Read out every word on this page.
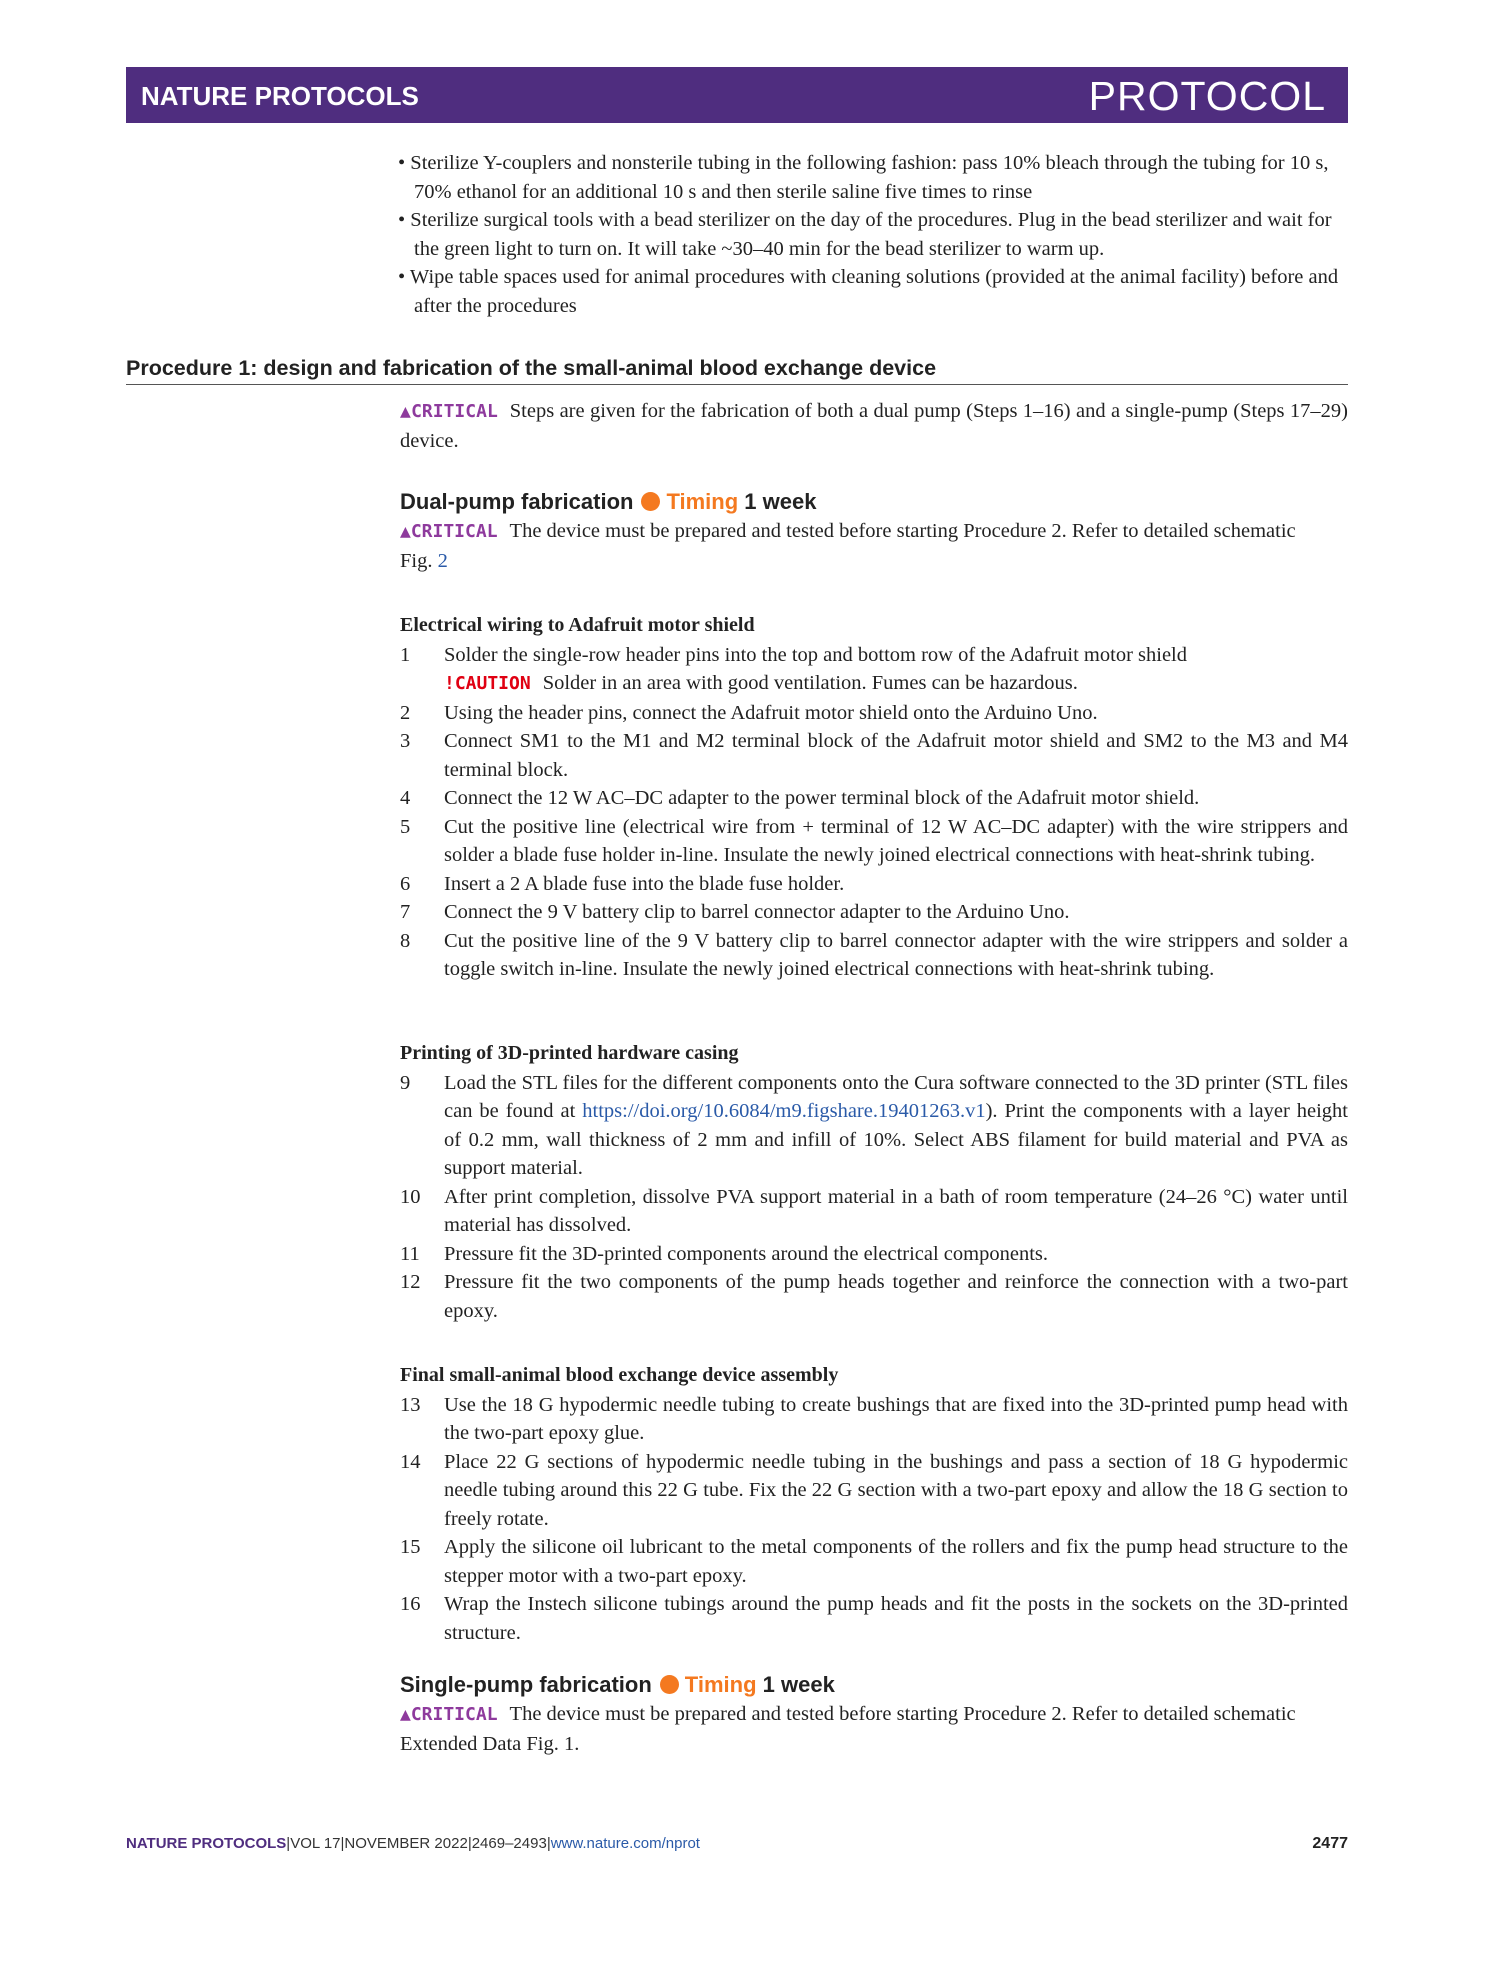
NATURE PROTOCOLS	PROTOCOL
• Sterilize Y-couplers and nonsterile tubing in the following fashion: pass 10% bleach through the tubing for 10 s, 70% ethanol for an additional 10 s and then sterile saline five times to rinse
• Sterilize surgical tools with a bead sterilizer on the day of the procedures. Plug in the bead sterilizer and wait for the green light to turn on. It will take ~30–40 min for the bead sterilizer to warm up.
• Wipe table spaces used for animal procedures with cleaning solutions (provided at the animal facility) before and after the procedures
Procedure 1: design and fabrication of the small-animal blood exchange device
▲CRITICAL Steps are given for the fabrication of both a dual pump (Steps 1–16) and a single-pump (Steps 17–29) device.
Dual-pump fabrication Timing 1 week
▲CRITICAL The device must be prepared and tested before starting Procedure 2. Refer to detailed schematic Fig. 2
Electrical wiring to Adafruit motor shield
1 Solder the single-row header pins into the top and bottom row of the Adafruit motor shield
!CAUTION Solder in an area with good ventilation. Fumes can be hazardous.
2 Using the header pins, connect the Adafruit motor shield onto the Arduino Uno.
3 Connect SM1 to the M1 and M2 terminal block of the Adafruit motor shield and SM2 to the M3 and M4 terminal block.
4 Connect the 12 W AC–DC adapter to the power terminal block of the Adafruit motor shield.
5 Cut the positive line (electrical wire from + terminal of 12 W AC–DC adapter) with the wire strippers and solder a blade fuse holder in-line. Insulate the newly joined electrical connections with heat-shrink tubing.
6 Insert a 2 A blade fuse into the blade fuse holder.
7 Connect the 9 V battery clip to barrel connector adapter to the Arduino Uno.
8 Cut the positive line of the 9 V battery clip to barrel connector adapter with the wire strippers and solder a toggle switch in-line. Insulate the newly joined electrical connections with heat-shrink tubing.
Printing of 3D-printed hardware casing
9 Load the STL files for the different components onto the Cura software connected to the 3D printer (STL files can be found at https://doi.org/10.6084/m9.figshare.19401263.v1). Print the components with a layer height of 0.2 mm, wall thickness of 2 mm and infill of 10%. Select ABS filament for build material and PVA as support material.
10 After print completion, dissolve PVA support material in a bath of room temperature (24–26 °C) water until material has dissolved.
11 Pressure fit the 3D-printed components around the electrical components.
12 Pressure fit the two components of the pump heads together and reinforce the connection with a two-part epoxy.
Final small-animal blood exchange device assembly
13 Use the 18 G hypodermic needle tubing to create bushings that are fixed into the 3D-printed pump head with the two-part epoxy glue.
14 Place 22 G sections of hypodermic needle tubing in the bushings and pass a section of 18 G hypodermic needle tubing around this 22 G tube. Fix the 22 G section with a two-part epoxy and allow the 18 G section to freely rotate.
15 Apply the silicone oil lubricant to the metal components of the rollers and fix the pump head structure to the stepper motor with a two-part epoxy.
16 Wrap the Instech silicone tubings around the pump heads and fit the posts in the sockets on the 3D-printed structure.
Single-pump fabrication Timing 1 week
▲CRITICAL The device must be prepared and tested before starting Procedure 2. Refer to detailed schematic Extended Data Fig. 1.
NATURE PROTOCOLS|VOL 17|NOVEMBER 2022|2469–2493|www.nature.com/nprot	2477
